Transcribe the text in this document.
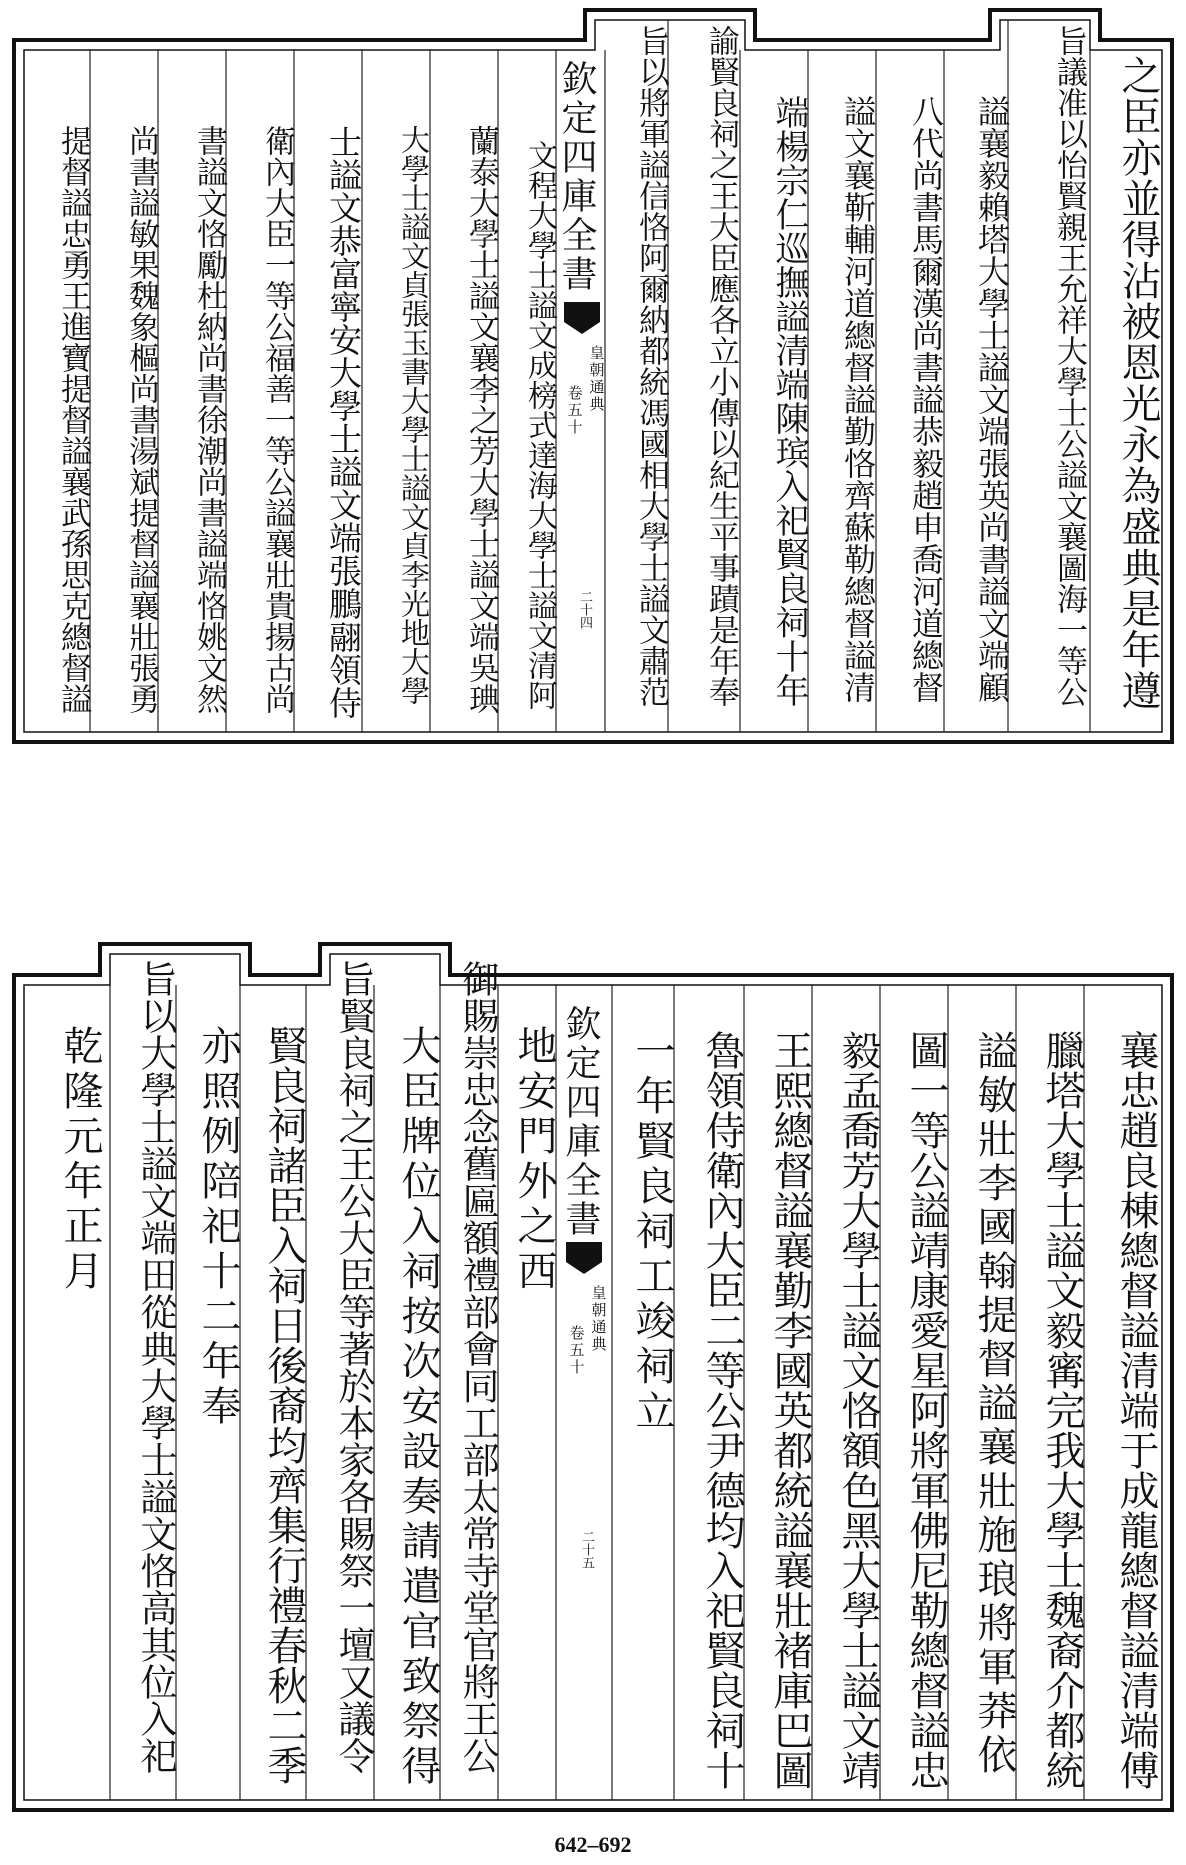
之臣亦並得沾被恩光永為盛典是年遵
旨議准以怡賢親王允祥大學士公謚文襄圖海一等公
謚襄毅賴塔大學士謚文端張英尚書謚文端顧
八代尚書馬爾漢尚書謚恭毅趙申喬河道總督
謚文襄靳輔河道總督謚勤恪齊蘇勒總督謚清
端楊宗仁巡撫謚清端陳瑸入祀賢良祠十年
諭賢良祠之王大臣應各立小傳以紀生平事蹟是年奉
旨以將軍謚信恪阿爾納都統馮國相大學士謚文肅范
欽定四庫全書
皇朝通典
卷五十
二十四
文程大學士謚文成榜式達海大學士謚文清阿
蘭泰大學士謚文襄李之芳大學士謚文端吳琠
大學士謚文貞張玉書大學士謚文貞李光地大學
士謚文恭富寧安大學士謚文端張鵬翮領侍
衛內大臣一等公福善一等公謚襄壯貴揚古尚
書謚文恪勵杜納尚書徐潮尚書謚端恪姚文然
尚書謚敏果魏象樞尚書湯斌提督謚襄壯張勇
提督謚忠勇王進寶提督謚襄武孫思克總督謚
襄忠趙良棟總督謚清端于成龍總督謚清端傅
臘塔大學士謚文毅寗完我大學士魏裔介都統
謚敏壯李國翰提督謚襄壯施琅將軍莽依
圖一等公謚靖康愛星阿將軍佛尼勒總督謚忠
毅孟喬芳大學士謚文恪額色黑大學士謚文靖
王熙總督謚襄勤李國英都統謚襄壯褚庫巴圖
魯領侍衛內大臣二等公尹德均入祀賢良祠十
一年賢良祠工竣祠立
欽定四庫全書
皇朝通典
卷五十
二十五
地安門外之西
御賜崇忠念舊匾額禮部會同工部太常寺堂官將王公
大臣牌位入祠按次安設奏請遣官致祭得
旨賢良祠之王公大臣等著於本家各賜祭一壇又議令
賢良祠諸臣入祠日後裔均齊集行禮春秋二季
亦照例陪祀十二年奉
旨以大學士謚文端田從典大學士謚文恪高其位入祀
乾隆元年正月
642–692
